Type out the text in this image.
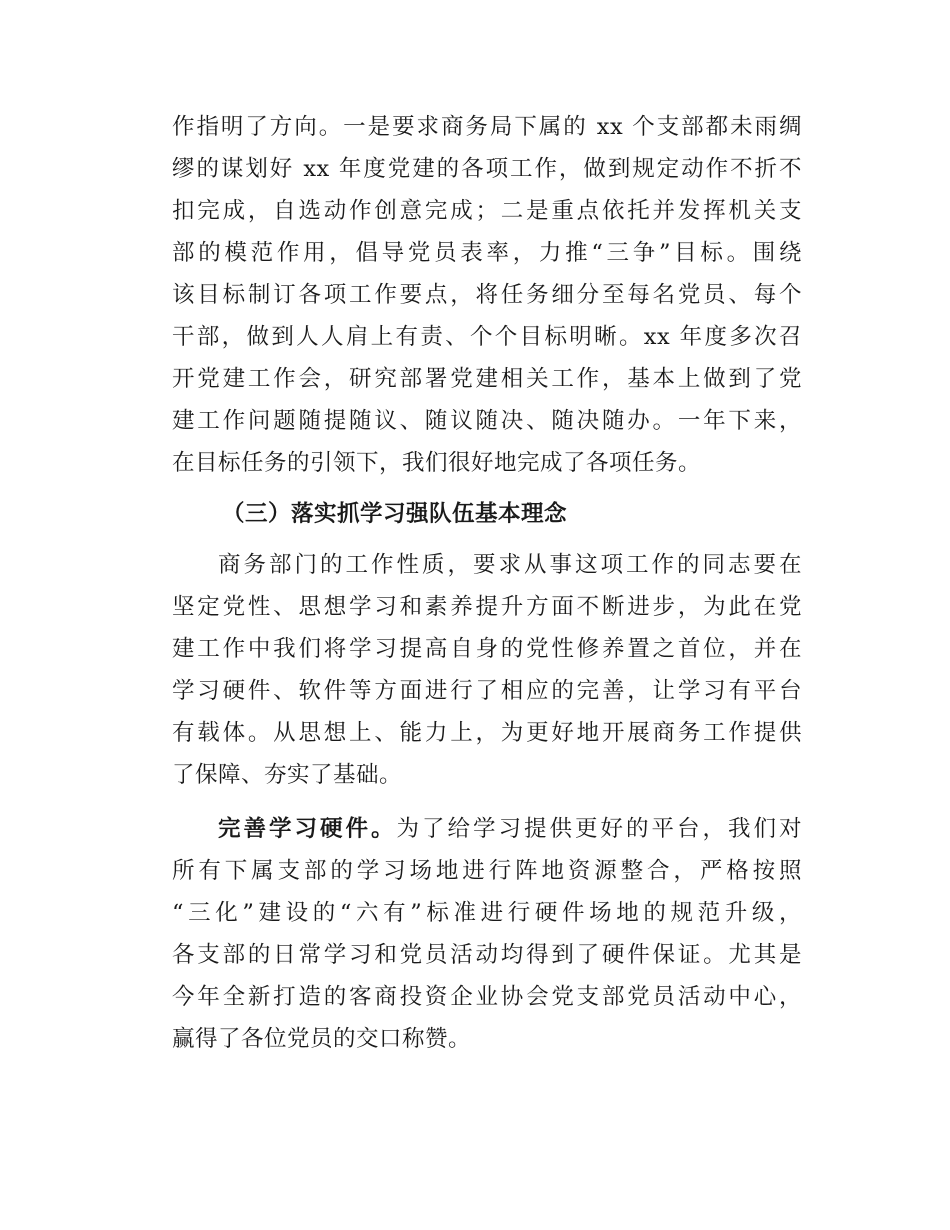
作指明了方向。一是要求商务局下属的 xx 个支部都未雨绸
缪的谋划好 xx 年度党建的各项工作，做到规定动作不折不
扣完成，自选动作创意完成；二是重点依托并发挥机关支
部的模范作用，倡导党员表率，力推“三争”目标。围绕
该目标制订各项工作要点，将任务细分至每名党员、每个
干部，做到人人肩上有责、个个目标明晰。xx 年度多次召
开党建工作会，研究部署党建相关工作，基本上做到了党
建工作问题随提随议、随议随决、随决随办。一年下来，
在目标任务的引领下，我们很好地完成了各项任务。
（三）落实抓学习强队伍基本理念
商务部门的工作性质，要求从事这项工作的同志要在
坚定党性、思想学习和素养提升方面不断进步，为此在党
建工作中我们将学习提高自身的党性修养置之首位，并在
学习硬件、软件等方面进行了相应的完善，让学习有平台
有载体。从思想上、能力上，为更好地开展商务工作提供
了保障、夯实了基础。
完善学习硬件。为了给学习提供更好的平台，我们对
所有下属支部的学习场地进行阵地资源整合，严格按照
“三化”建设的“六有”标准进行硬件场地的规范升级，
各支部的日常学习和党员活动均得到了硬件保证。尤其是
今年全新打造的客商投资企业协会党支部党员活动中心，
赢得了各位党员的交口称赞。
